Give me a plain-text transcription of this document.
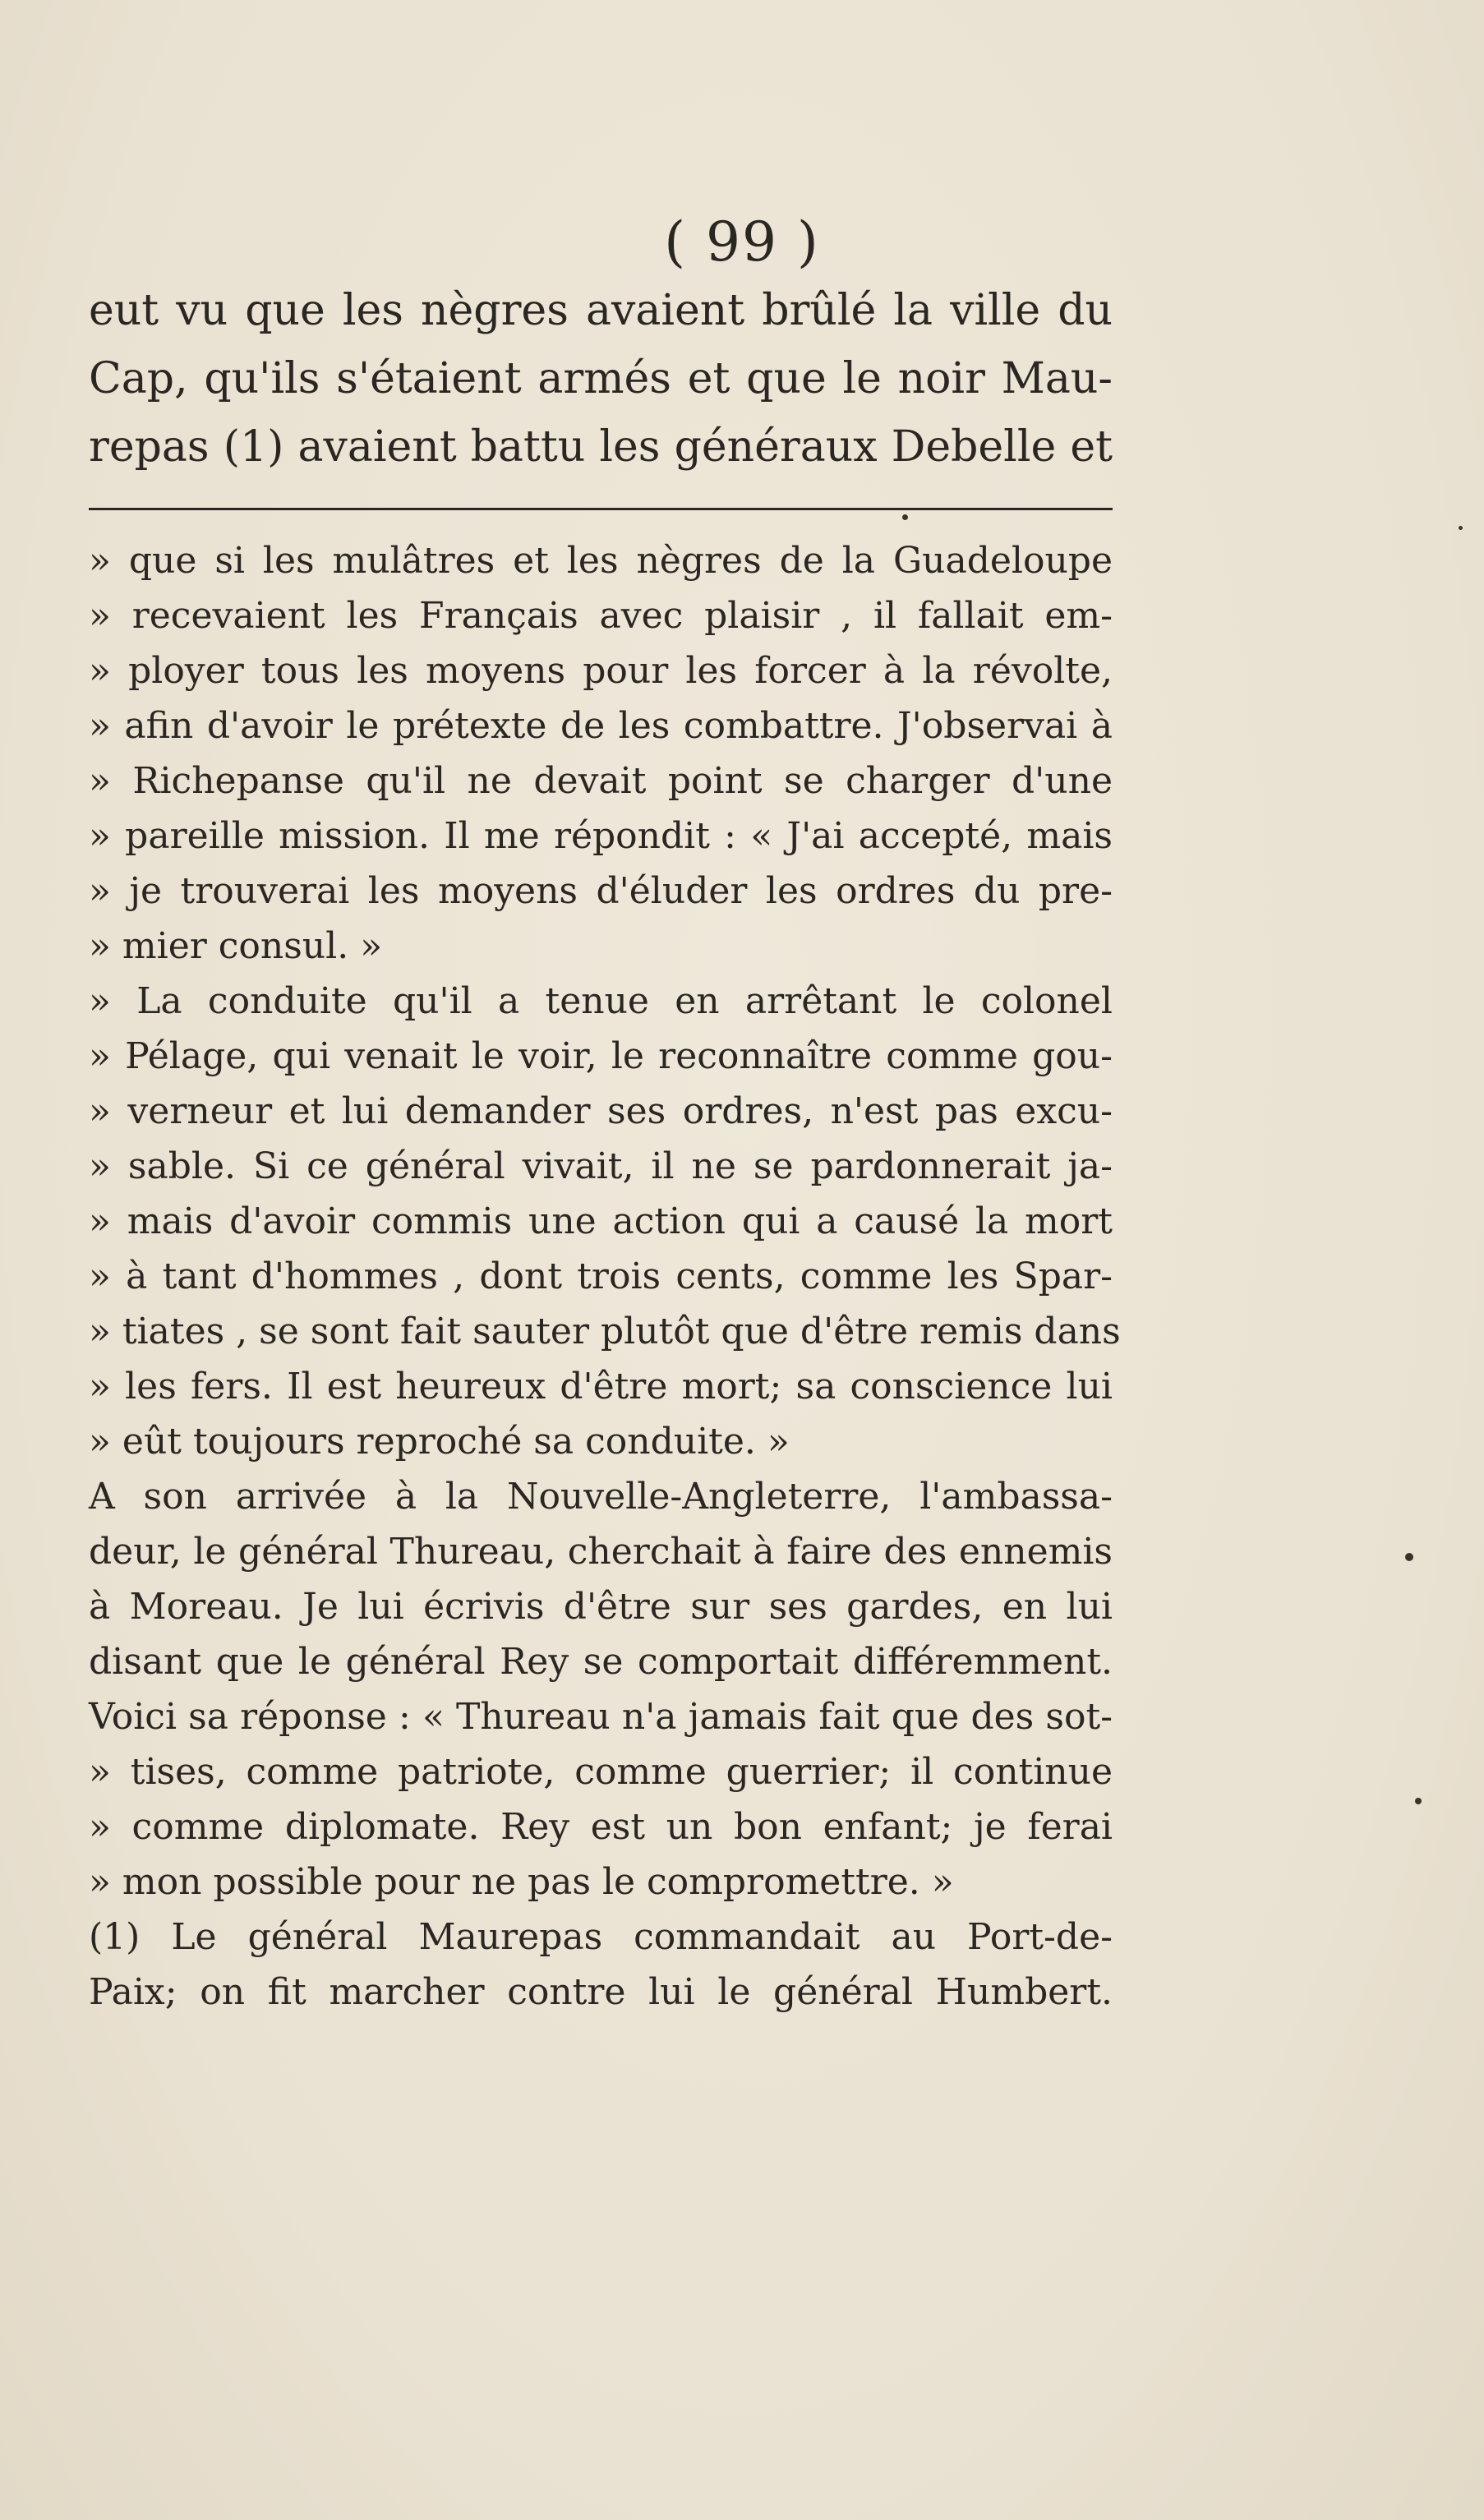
( 99 )
eut vu que les nègres avaient brûlé la ville du
Cap, qu'ils s'étaient armés et que le noir Mau-
repas (1) avaient battu les généraux Debelle et
» que si les mulâtres et les nègres de la Guadeloupe
» recevaient les Français avec plaisir , il fallait em-
» ployer tous les moyens pour les forcer à la révolte,
» afin d'avoir le prétexte de les combattre. J'observai à
» Richepanse qu'il ne devait point se charger d'une
» pareille mission. Il me répondit : « J'ai accepté, mais
» je trouverai les moyens d'éluder les ordres du pre-
» mier consul. »
» La conduite qu'il a tenue en arrêtant le colonel
» Pélage, qui venait le voir, le reconnaître comme gou-
» verneur et lui demander ses ordres, n'est pas excu-
» sable. Si ce général vivait, il ne se pardonnerait ja-
» mais d'avoir commis une action qui a causé la mort
» à tant d'hommes , dont trois cents, comme les Spar-
» tiates , se sont fait sauter plutôt que d'être remis dans
» les fers. Il est heureux d'être mort; sa conscience lui
» eût toujours reproché sa conduite. »
A son arrivée à la Nouvelle-Angleterre, l'ambassa-
deur, le général Thureau, cherchait à faire des ennemis
à Moreau. Je lui écrivis d'être sur ses gardes, en lui
disant que le général Rey se comportait différemment.
Voici sa réponse : « Thureau n'a jamais fait que des sot-
» tises, comme patriote, comme guerrier; il continue
» comme diplomate. Rey est un bon enfant; je ferai
» mon possible pour ne pas le compromettre. »
(1) Le général Maurepas commandait au Port-de-
Paix; on fit marcher contre lui le général Humbert.
